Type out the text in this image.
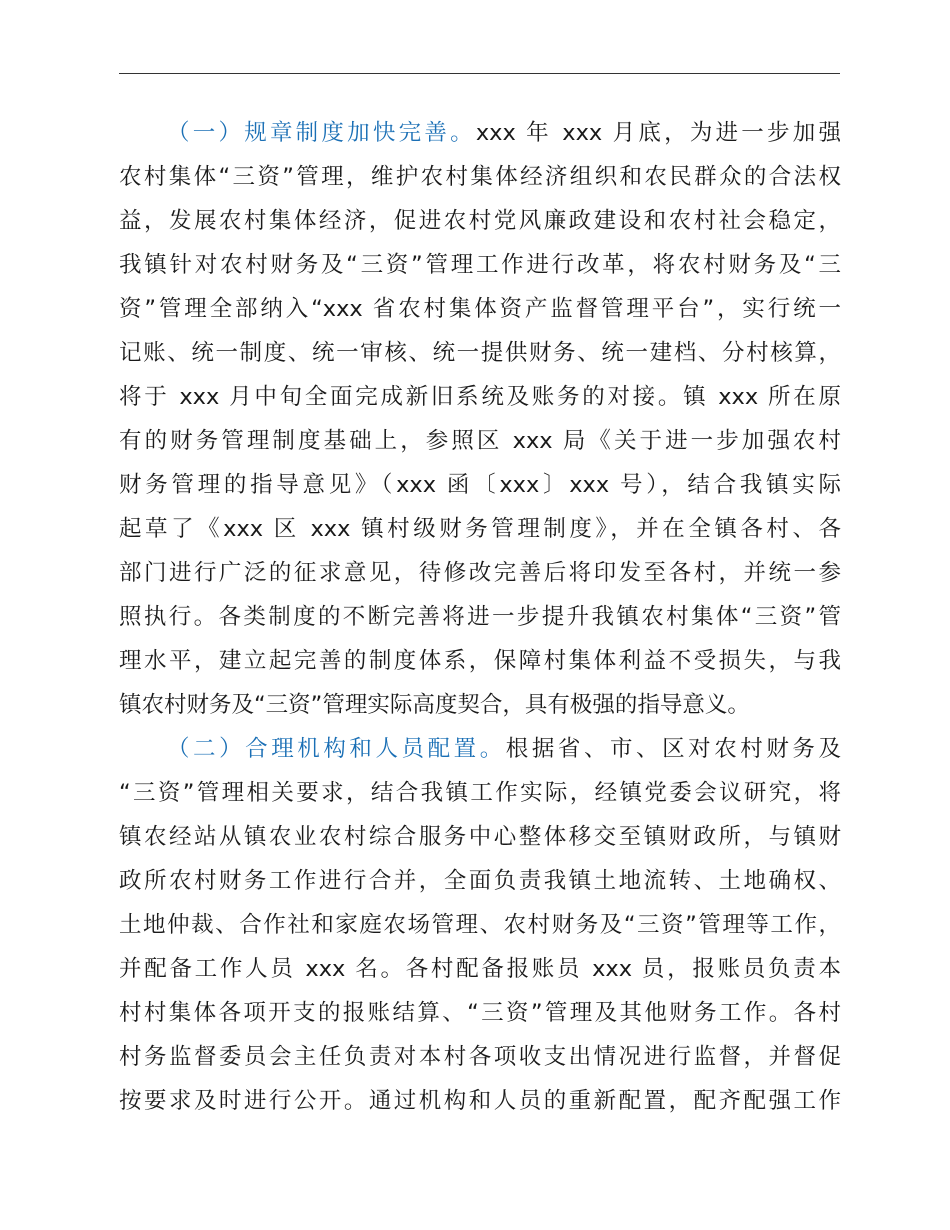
（一）规章制度加快完善。xxx 年 xxx 月底，为进一步加强
农村集体“三资”管理，维护农村集体经济组织和农民群众的合法权
益，发展农村集体经济，促进农村党风廉政建设和农村社会稳定，
我镇针对农村财务及“三资”管理工作进行改革，将农村财务及“三
资”管理全部纳入“xxx 省农村集体资产监督管理平台”，实行统一
记账、统一制度、统一审核、统一提供财务、统一建档、分村核算，
将于 xxx 月中旬全面完成新旧系统及账务的对接。镇 xxx 所在原
有的财务管理制度基础上，参照区 xxx 局《关于进一步加强农村
财务管理的指导意见》（xxx 函〔xxx〕xxx 号），结合我镇实际
起草了《xxx 区 xxx 镇村级财务管理制度》，并在全镇各村、各
部门进行广泛的征求意见，待修改完善后将印发至各村，并统一参
照执行。各类制度的不断完善将进一步提升我镇农村集体“三资”管
理水平，建立起完善的制度体系，保障村集体利益不受损失，与我
镇农村财务及“三资”管理实际高度契合，具有极强的指导意义。
（二）合理机构和人员配置。根据省、市、区对农村财务及
“三资”管理相关要求，结合我镇工作实际，经镇党委会议研究，将
镇农经站从镇农业农村综合服务中心整体移交至镇财政所，与镇财
政所农村财务工作进行合并，全面负责我镇土地流转、土地确权、
土地仲裁、合作社和家庭农场管理、农村财务及“三资”管理等工作，
并配备工作人员 xxx 名。各村配备报账员 xxx 员，报账员负责本
村村集体各项开支的报账结算、“三资”管理及其他财务工作。各村
村务监督委员会主任负责对本村各项收支出情况进行监督，并督促
按要求及时进行公开。通过机构和人员的重新配置，配齐配强工作
